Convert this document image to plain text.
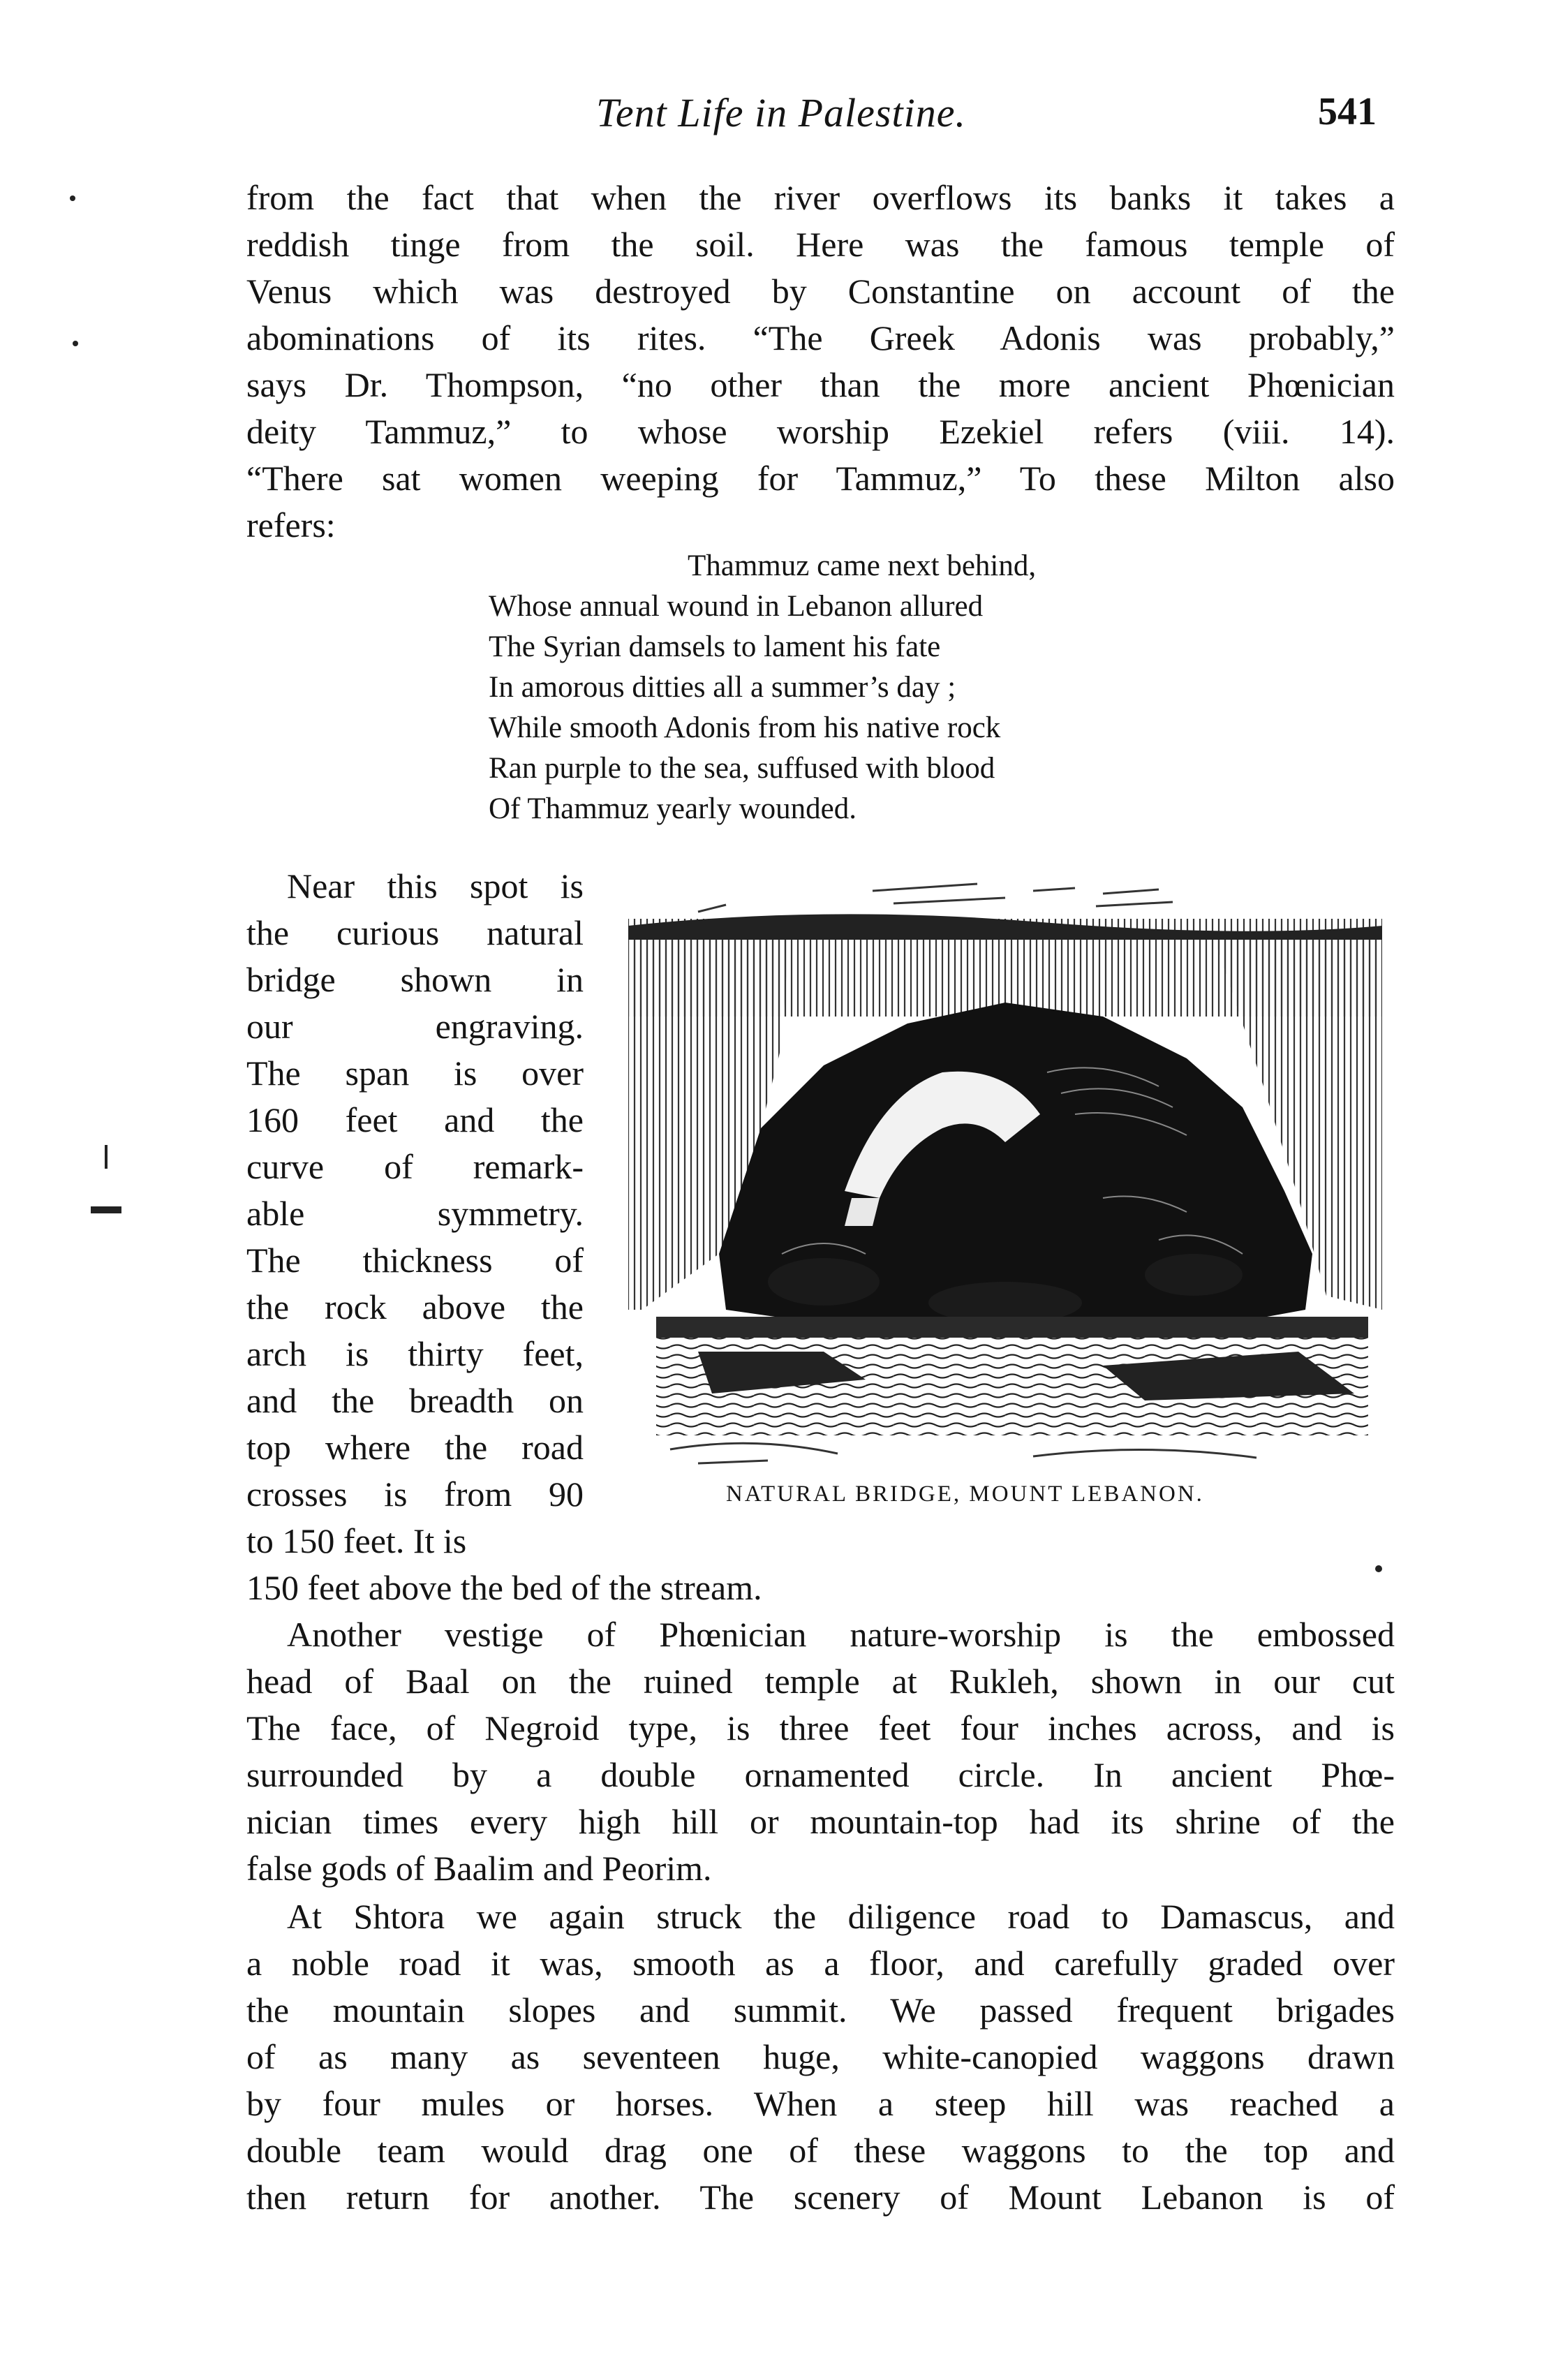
Tent Life in Palestine.	541
from the fact that when the river overflows its banks it takes a
reddish tinge from the soil. Here was the famous temple of
Venus which was destroyed by Constantine on account of the
abominations of its rites. “The Greek Adonis was probably,”
says Dr. Thompson, “no other than the more ancient Phœnician
deity Tammuz,” to whose worship Ezekiel refers (viii. 14).
“There sat women weeping for Tammuz,” To these Milton also
refers:
Thammuz came next behind,
Whose annual wound in Lebanon allured
The Syrian damsels to lament his fate
In amorous ditties all a summer’s day ;
While smooth Adonis from his native rock
Ran purple to the sea, suffused with blood
Of Thammuz yearly wounded.
Near this spot is
the curious natural
bridge shown in
our engraving.
The span is over
160 feet and the
curve of remark-
able symmetry.
The thickness of
the rock above the
arch is thirty feet,
and the breadth on
top where the road
crosses is from 90
to 150 feet. It is
NATURAL BRIDGE, MOUNT LEBANON.
150 feet above the bed of the stream.
Another vestige of Phœnician nature-worship is the embossed
head of Baal on the ruined temple at Rukleh, shown in our cut
The face, of Negroid type, is three feet four inches across, and is
surrounded by a double ornamented circle. In ancient Phœ-
nician times every high hill or mountain-top had its shrine of the
false gods of Baalim and Peorim.
At Shtora we again struck the diligence road to Damascus, and
a noble road it was, smooth as a floor, and carefully graded over
the mountain slopes and summit. We passed frequent brigades
of as many as seventeen huge, white-canopied waggons drawn
by four mules or horses. When a steep hill was reached a
double team would drag one of these waggons to the top and
then return for another. The scenery of Mount Lebanon is of
